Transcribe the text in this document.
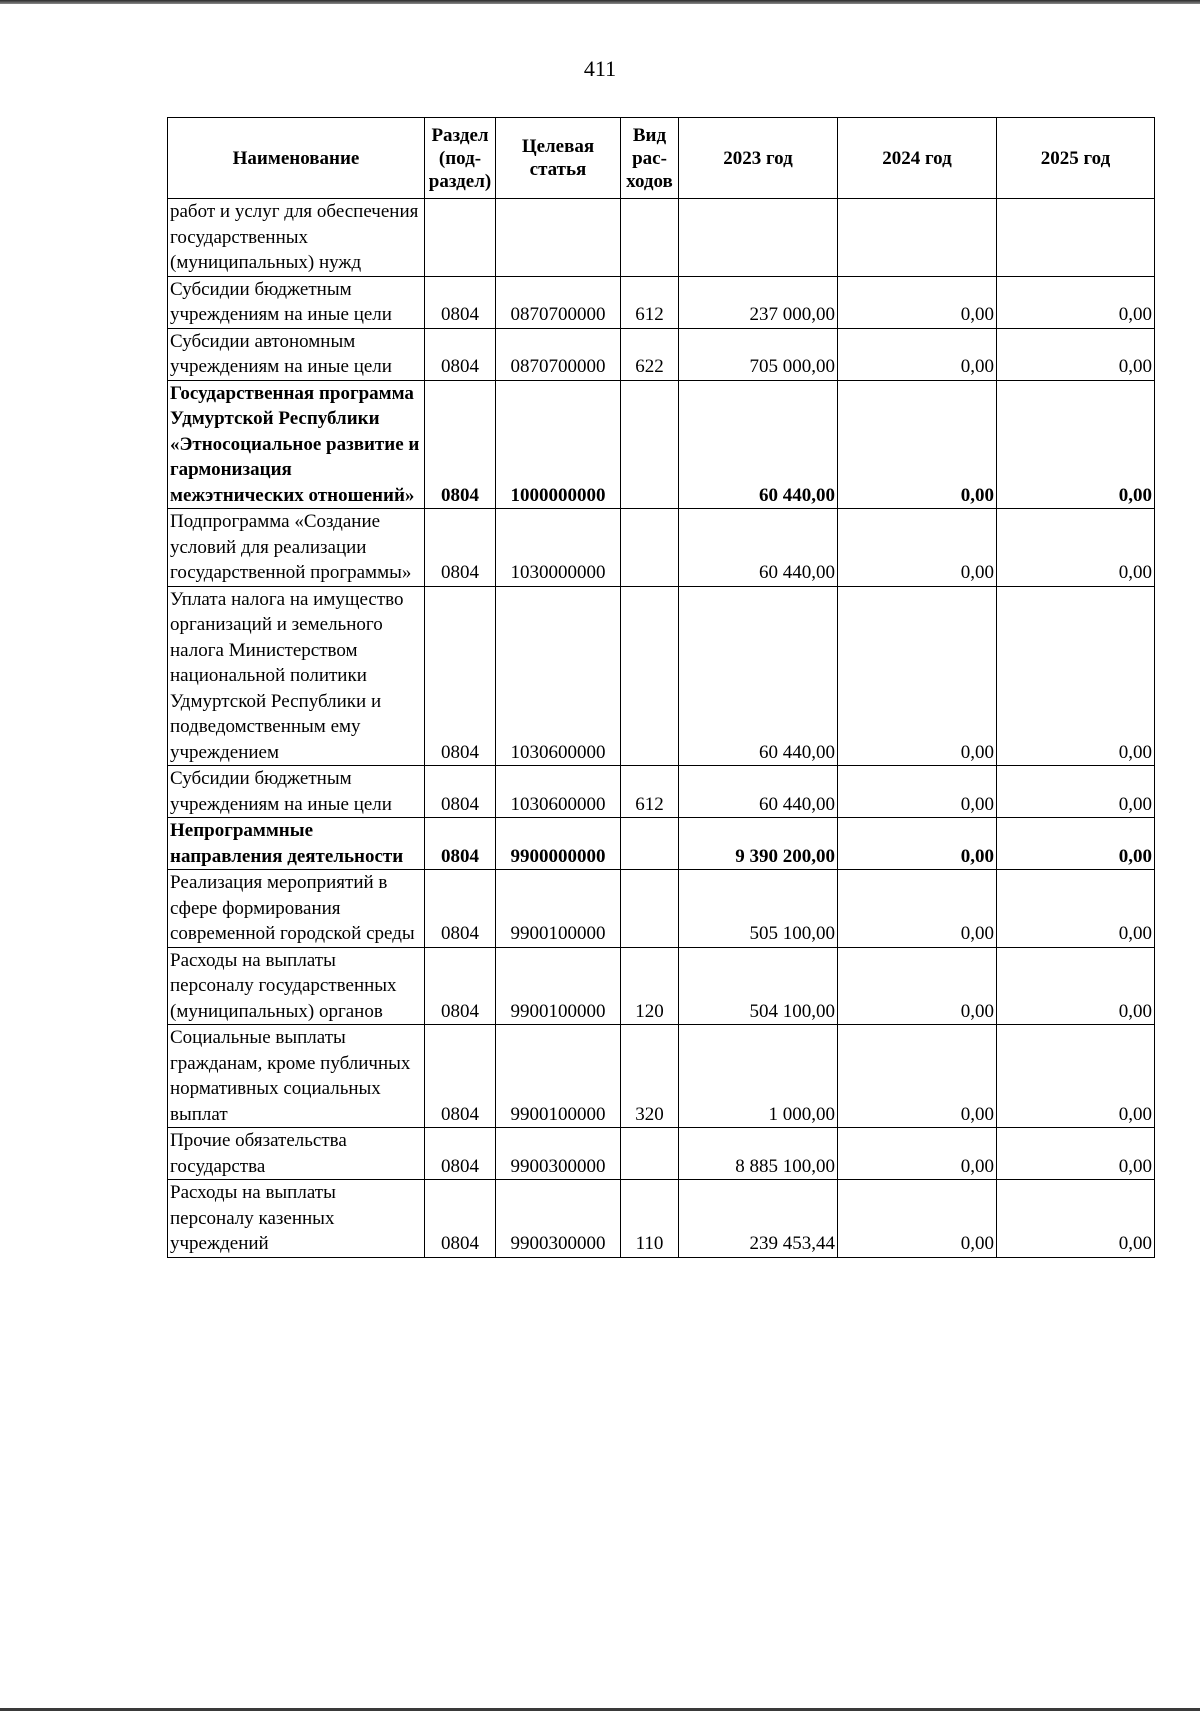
411
Наименование	Раздел (под-раздел)	Целевая статья	Вид рас-ходов	2023 год	2024 год	2025 год
работ и услуг для обеспечения государственных (муниципальных) нужд						
Субсидии бюджетным учреждениям на иные цели	0804	0870700000	612	237 000,00	0,00	0,00
Субсидии автономным учреждениям на иные цели	0804	0870700000	622	705 000,00	0,00	0,00
Государственная программа Удмуртской Республики «Этносоциальное развитие и гармонизация межэтнических отношений»	0804	1000000000		60 440,00	0,00	0,00
Подпрограмма «Создание условий для реализации государственной программы»	0804	1030000000		60 440,00	0,00	0,00
Уплата налога на имущество организаций и земельного налога Министерством национальной политики Удмуртской Республики и подведомственным ему учреждением	0804	1030600000		60 440,00	0,00	0,00
Субсидии бюджетным учреждениям на иные цели	0804	1030600000	612	60 440,00	0,00	0,00
Непрограммные направления деятельности	0804	9900000000		9 390 200,00	0,00	0,00
Реализация мероприятий в сфере формирования современной городской среды	0804	9900100000		505 100,00	0,00	0,00
Расходы на выплаты персоналу государственных (муниципальных) органов	0804	9900100000	120	504 100,00	0,00	0,00
Социальные выплаты гражданам, кроме публичных нормативных социальных выплат	0804	9900100000	320	1 000,00	0,00	0,00
Прочие обязательства государства	0804	9900300000		8 885 100,00	0,00	0,00
Расходы на выплаты персоналу казенных учреждений	0804	9900300000	110	239 453,44	0,00	0,00
